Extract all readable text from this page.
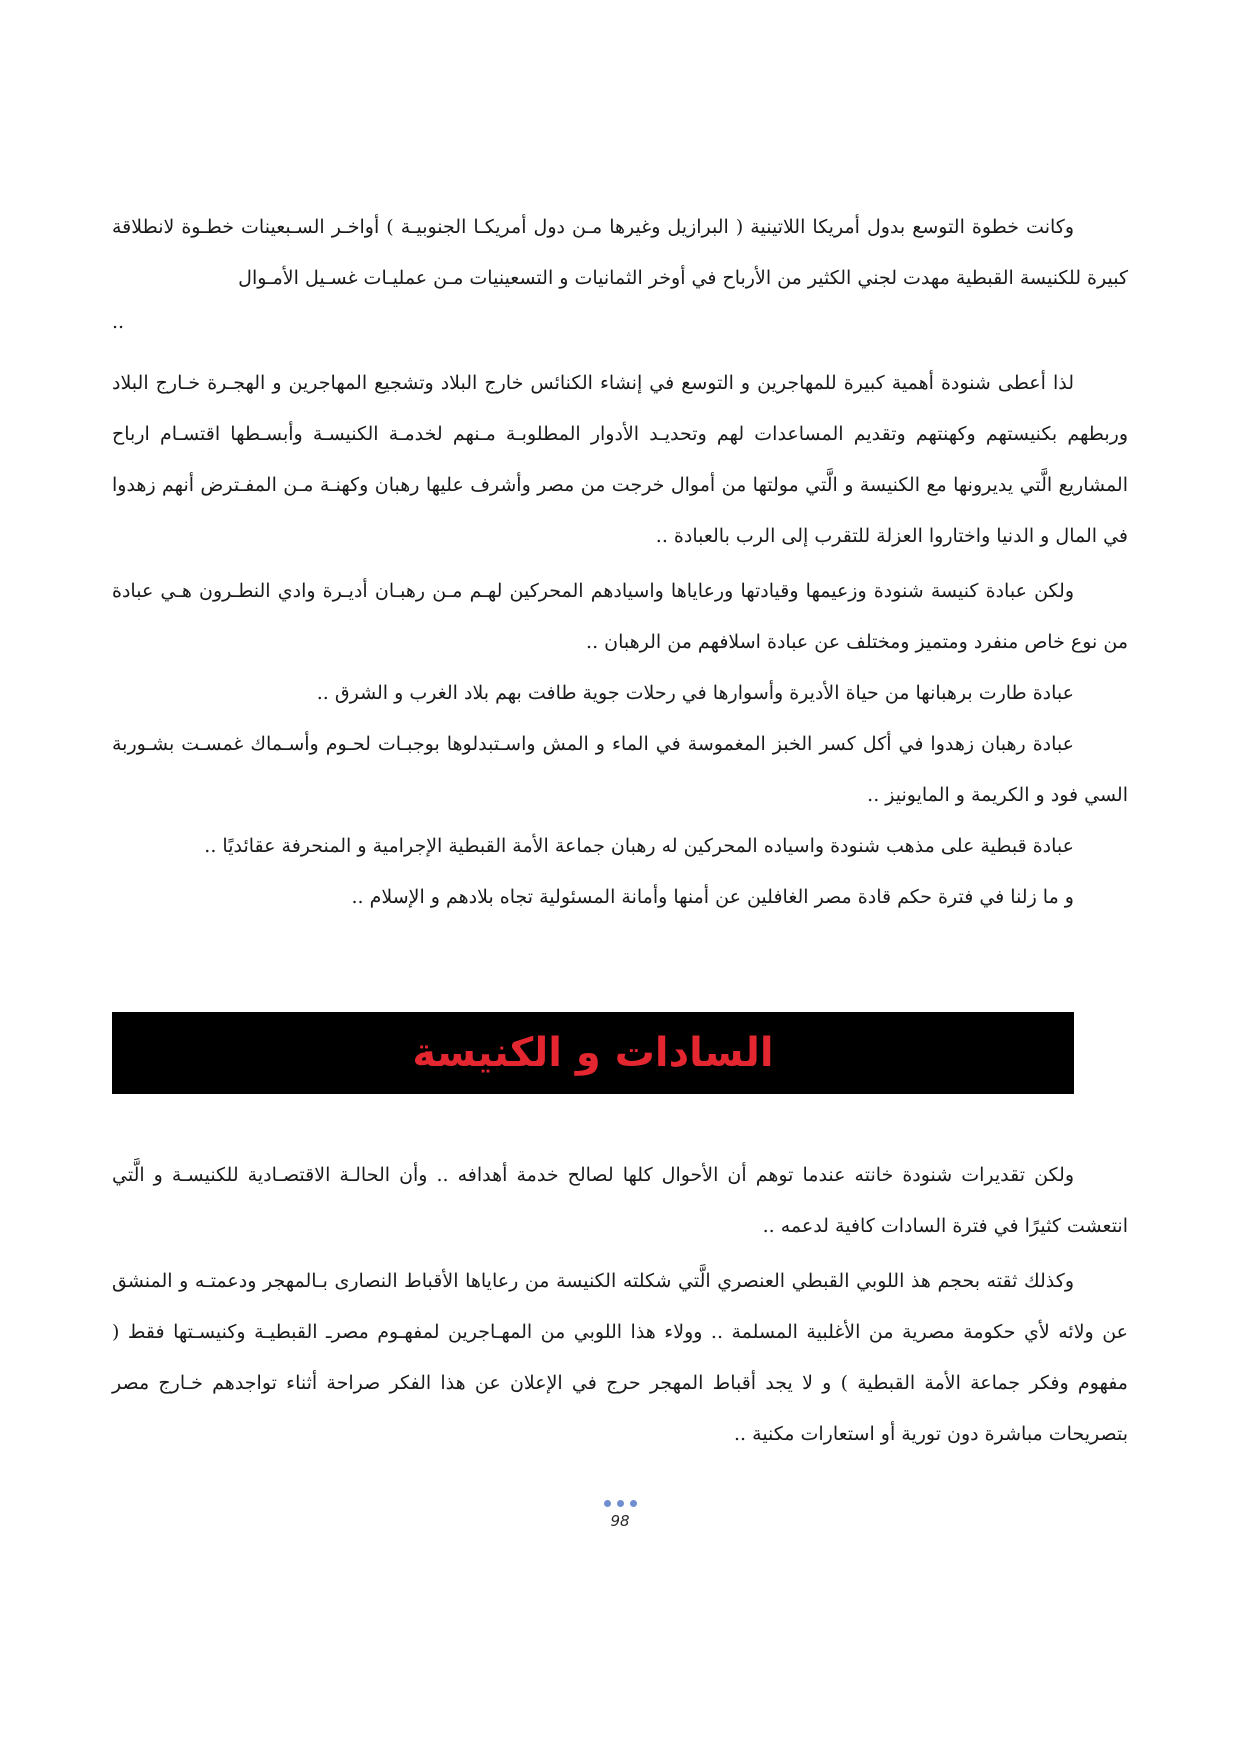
وكانت خطوة التوسع بدول أمريكا اللاتينية ( البرازيل وغيرها مـن دول أمريكـا الجنوبيـة ) أواخـر السـبعينات خطـوة لانطلاقة كبيرة للكنيسة القبطية مهدت لجني الكثير من الأرباح في أوخر الثمانيات و التسعينيات مـن عمليـات غسـيل الأمـوال

..

لذا أعطى شنودة أهمية كبيرة للمهاجرين و التوسع في إنشاء الكنائس خارج البلاد وتشجيع المهاجرين و الهجـرة خـارج البلاد وربطهم بكنيستهم وكهنتهم وتقديم المساعدات لهم وتحديـد الأدوار المطلوبـة مـنهم لخدمـة الكنيسـة وأبسـطها اقتسـام ارباح المشاريع الَّتي يديرونها مع الكنيسة و الَّتي مولتها من أموال خرجت من مصر وأشرف عليها رهبان وكهنـة مـن المفـترض أنهم زهدوا في المال و الدنيا واختاروا العزلة للتقرب إلى الرب بالعبادة ..

ولكن عبادة كنيسة شنودة وزعيمها وقيادتها ورعاياها واسيادهم المحركين لهـم مـن رهبـان أديـرة وادي النطـرون هـي عبادة من نوع خاص منفرد ومتميز ومختلف عن عبادة اسلافهم من الرهبان ..

عبادة طارت برهبانها من حياة الأديرة وأسوارها في رحلات جوية طافت بهم بلاد الغرب و الشرق ..

عبادة رهبان زهدوا في أكل كسر الخبز المغموسة في الماء و المش واسـتبدلوها بوجبـات لحـوم وأسـماك غمسـت بشـوربة السي فود و الكريمة و المايونيز ..

عبادة قبطية على مذهب شنودة واسياده المحركين له رهبان جماعة الأمة القبطية الإجرامية و المنحرفة عقائديًا ..

و ما زلنا في فترة حكم قادة مصر الغافلين عن أمنها وأمانة المسئولية تجاه بلادهم و الإسلام ..

السادات و الكنيسة

ولكن تقديرات شنودة خانته عندما توهم أن الأحوال كلها لصالح خدمة أهدافه .. وأن الحالـة الاقتصـادية للكنيسـة و الَّتي انتعشت كثيرًا في فترة السادات كافية لدعمه ..

وكذلك ثقته بحجم هذ اللوبي القبطي العنصري الَّتي شكلته الكنيسة من رعاياها الأقباط النصارى بـالمهجر ودعمتـه و المنشق عن ولائه لأي حكومة مصرية من الأغلبية المسلمة .. وولاء هذا اللوبي من المهـاجرين لمفهـوم مصرـ القبطيـة وكنيسـتها فقط ( مفهوم وفكر جماعة الأمة القبطية ) و لا يجد أقباط المهجر حرج في الإعلان عن هذا الفكر صراحة أثناء تواجدهم خـارج مصر بتصريحات مباشرة دون تورية أو استعارات مكنية ..

98
